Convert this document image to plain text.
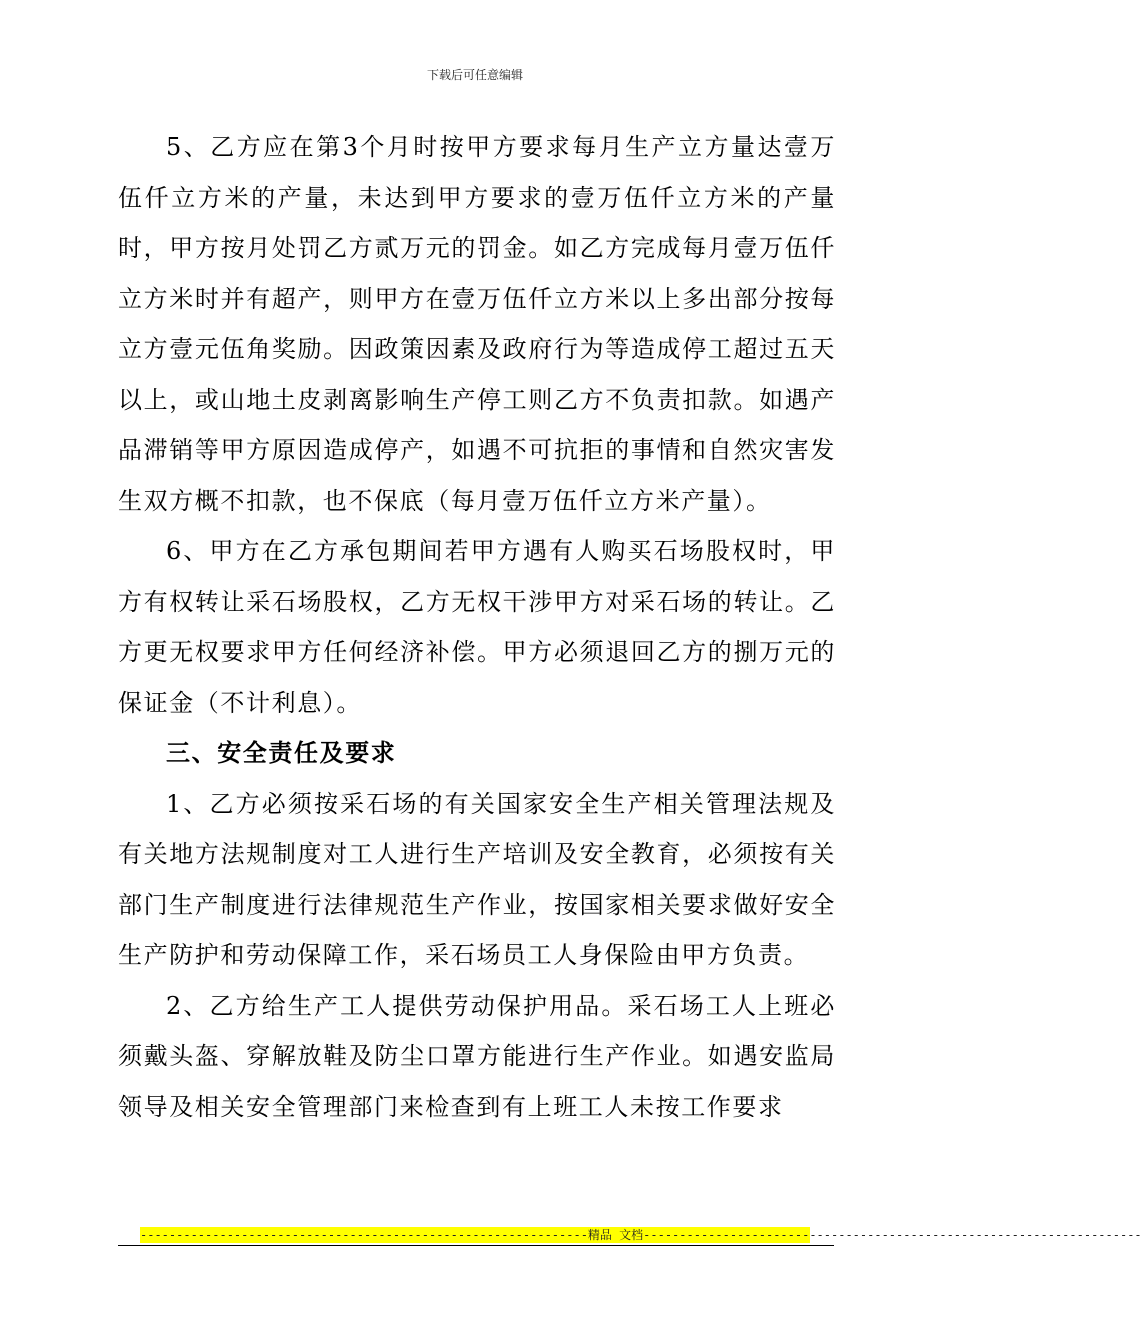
下载后可任意编辑

5、乙方应在第3个月时按甲方要求每月生产立方量达壹万伍仟立方米的产量，未达到甲方要求的壹万伍仟立方米的产量时，甲方按月处罚乙方贰万元的罚金。如乙方完成每月壹万伍仟立方米时并有超产，则甲方在壹万伍仟立方米以上多出部分按每立方壹元伍角奖励。因政策因素及政府行为等造成停工超过五天以上，或山地土皮剥离影响生产停工则乙方不负责扣款。如遇产品滞销等甲方原因造成停产，如遇不可抗拒的事情和自然灾害发生双方概不扣款，也不保底（每月壹万伍仟立方米产量）。

6、甲方在乙方承包期间若甲方遇有人购买石场股权时，甲方有权转让采石场股权，乙方无权干涉甲方对采石场的转让。乙方更无权要求甲方任何经济补偿。甲方必须退回乙方的捌万元的保证金（不计利息）。

三、安全责任及要求

1、乙方必须按采石场的有关国家安全生产相关管理法规及有关地方法规制度对工人进行生产培训及安全教育，必须按有关部门生产制度进行法律规范生产作业，按国家相关要求做好安全生产防护和劳动保障工作，采石场员工人身保险由甲方负责。

2、乙方给生产工人提供劳动保护用品。采石场工人上班必须戴头盔、穿解放鞋及防尘口罩方能进行生产作业。如遇安监局领导及相关安全管理部门来检查到有上班工人未按工作要求

--------------------------------------------------------------精品 文档---------------------------------------------------------------------
